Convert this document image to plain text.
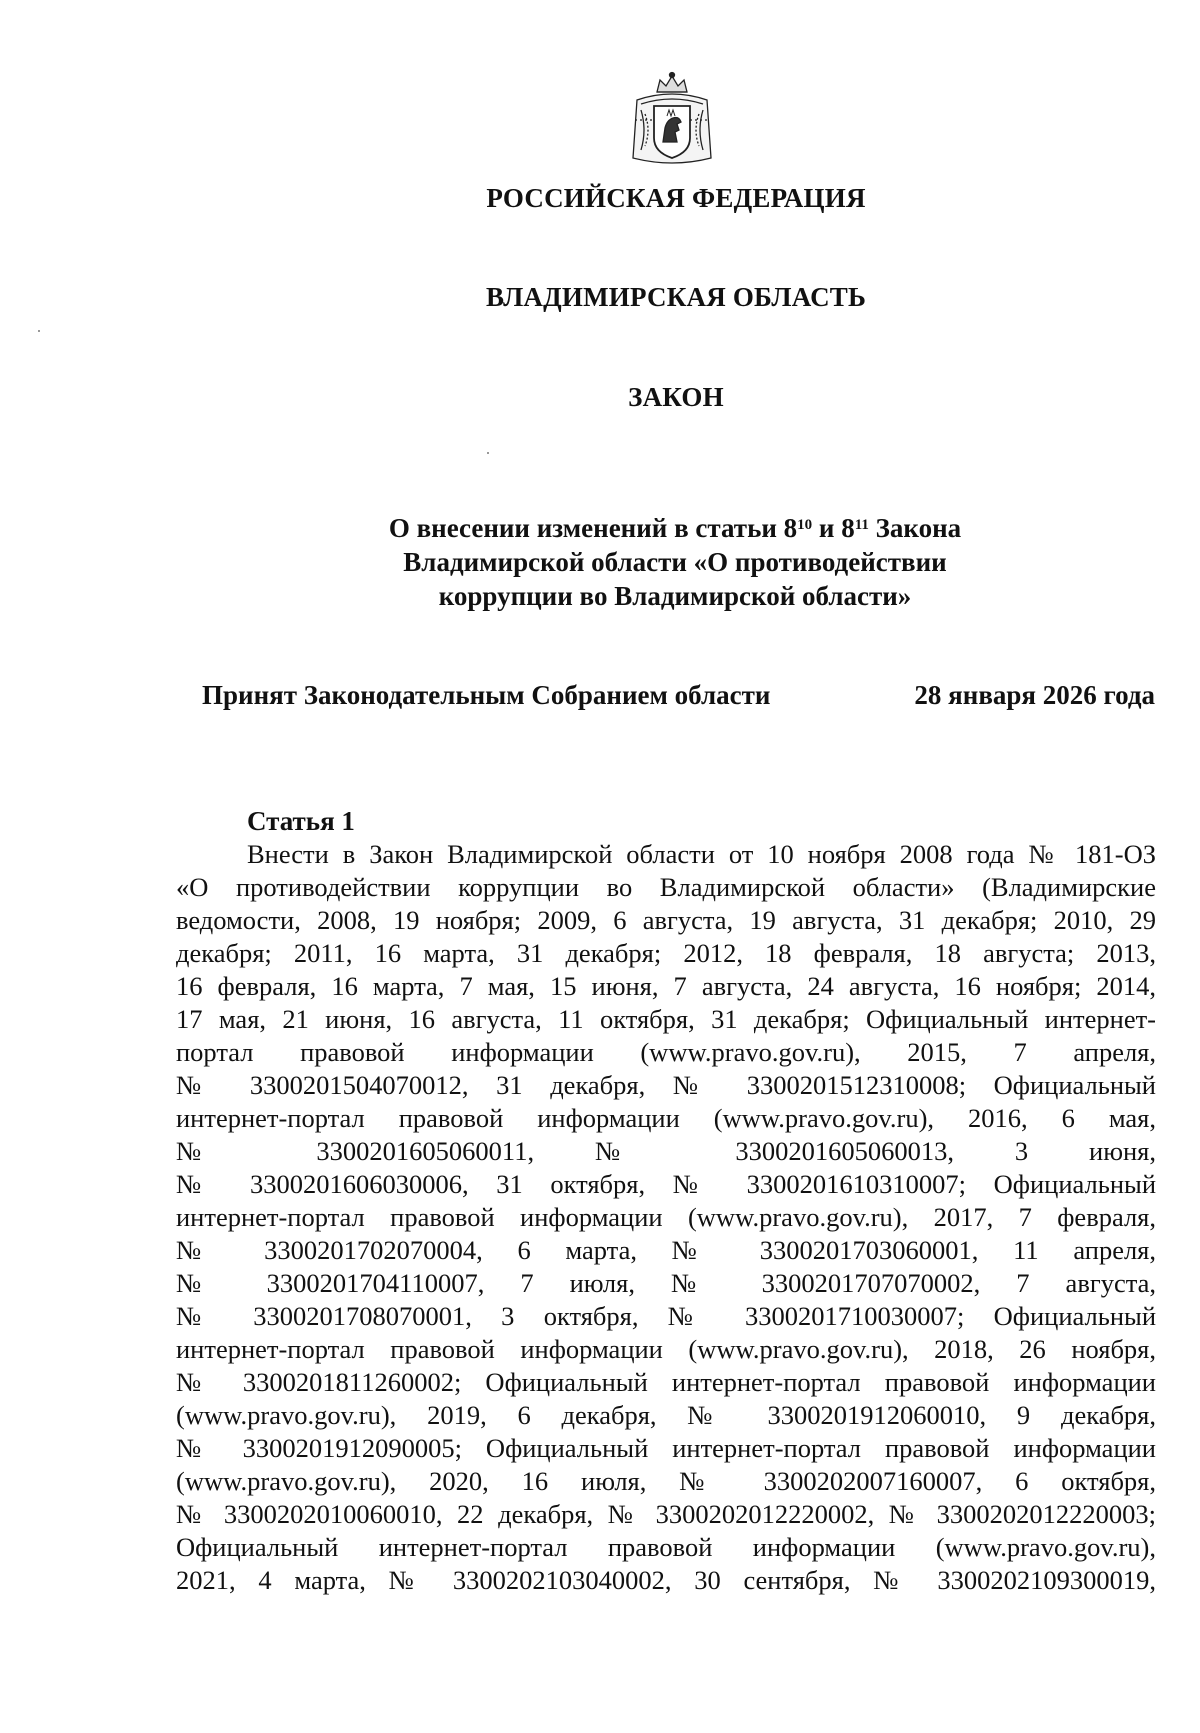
РОССИЙСКАЯ ФЕДЕРАЦИЯ
ВЛАДИМИРСКАЯ ОБЛАСТЬ
ЗАКОН
О внесении изменений в статьи $8^{10}$ и $8^{11}$ Закона
Владимирской области «О противодействии
коррупции во Владимирской области»
Принят Законодательным Собранием области	28 января 2026 года
Статья 1
Внести в Закон Владимирской области от 10 ноября 2008 года № 181-ОЗ
«О противодействии коррупции во Владимирской области» (Владимирские
ведомости, 2008, 19 ноября; 2009, 6 августа, 19 августа, 31 декабря; 2010, 29
декабря; 2011, 16 марта, 31 декабря; 2012, 18 февраля, 18 августа; 2013,
16 февраля, 16 марта, 7 мая, 15 июня, 7 августа, 24 августа, 16 ноября; 2014,
17 мая, 21 июня, 16 августа, 11 октября, 31 декабря; Официальный интернет-
портал правовой информации (www.pravo.gov.ru), 2015, 7 апреля,
№ 3300201504070012, 31 декабря, № 3300201512310008; Официальный
интернет-портал правовой информации (www.pravo.gov.ru), 2016, 6 мая,
№ 3300201605060011, № 3300201605060013, 3 июня,
№ 3300201606030006, 31 октября, № 3300201610310007; Официальный
интернет-портал правовой информации (www.pravo.gov.ru), 2017, 7 февраля,
№ 3300201702070004, 6 марта, № 3300201703060001, 11 апреля,
№ 3300201704110007, 7 июля, № 3300201707070002, 7 августа,
№ 3300201708070001, 3 октября, № 3300201710030007; Официальный
интернет-портал правовой информации (www.pravo.gov.ru), 2018, 26 ноября,
№ 3300201811260002; Официальный интернет-портал правовой информации
(www.pravo.gov.ru), 2019, 6 декабря, № 3300201912060010, 9 декабря,
№ 3300201912090005; Официальный интернет-портал правовой информации
(www.pravo.gov.ru), 2020, 16 июля, № 3300202007160007, 6 октября,
№ 3300202010060010, 22 декабря, № 3300202012220002, № 3300202012220003;
Официальный интернет-портал правовой информации (www.pravo.gov.ru),
2021, 4 марта, № 3300202103040002, 30 сентября, № 3300202109300019,
